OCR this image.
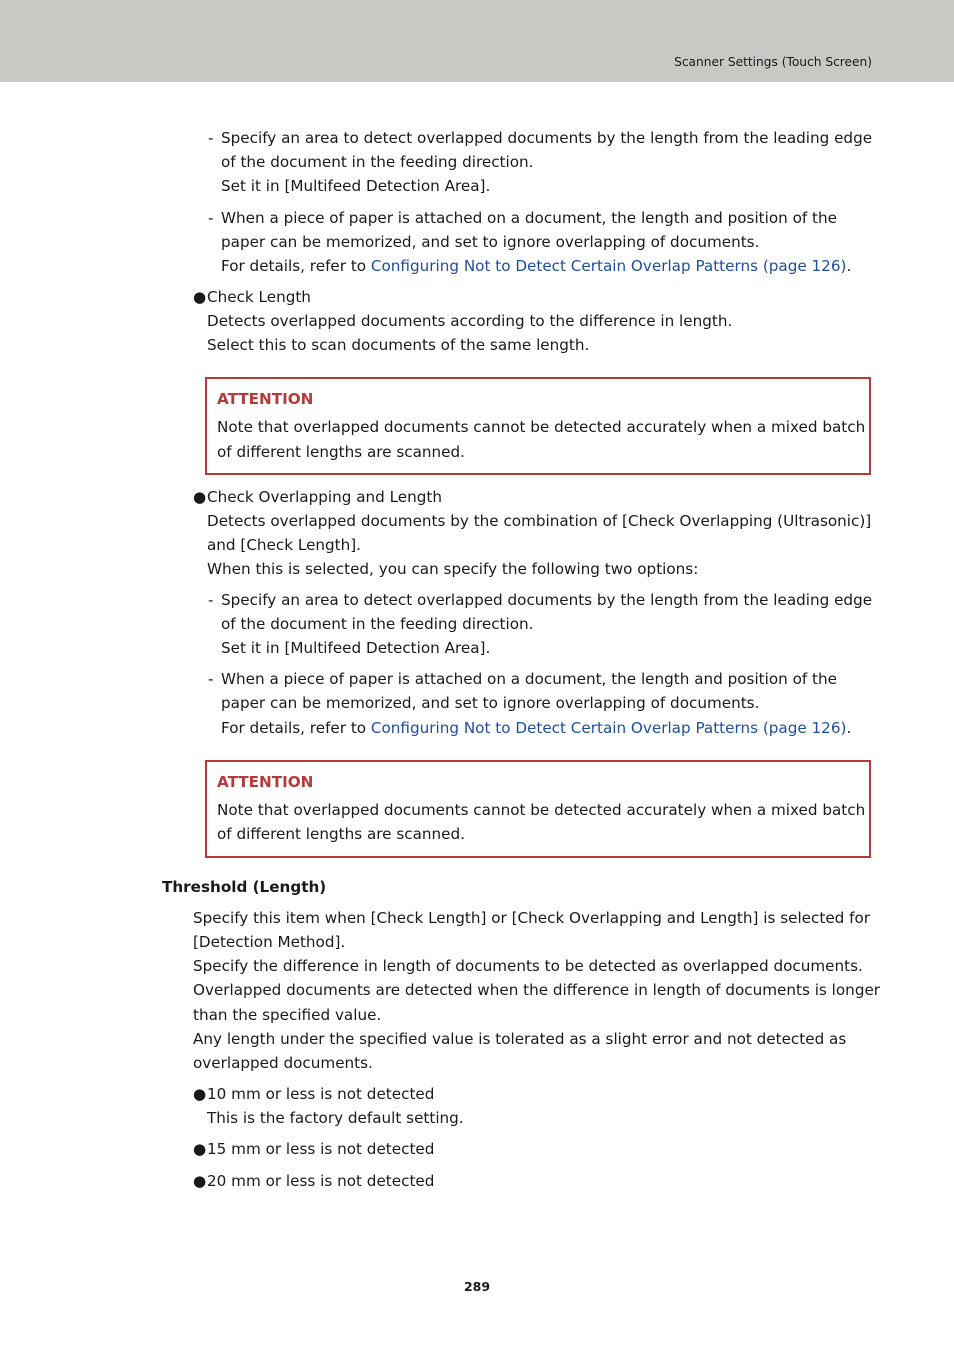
Scanner Settings (Touch Screen)
- Specify an area to detect overlapped documents by the length from the leading edge
of the document in the feeding direction.
Set it in [Multifeed Detection Area].
- When a piece of paper is attached on a document, the length and position of the
paper can be memorized, and set to ignore overlapping of documents.
For details, refer to Configuring Not to Detect Certain Overlap Patterns (page 126).
● Check Length
Detects overlapped documents according to the difference in length.
Select this to scan documents of the same length.
ATTENTION
Note that overlapped documents cannot be detected accurately when a mixed batch
of different lengths are scanned.
● Check Overlapping and Length
Detects overlapped documents by the combination of [Check Overlapping (Ultrasonic)]
and [Check Length].
When this is selected, you can specify the following two options:
- Specify an area to detect overlapped documents by the length from the leading edge
of the document in the feeding direction.
Set it in [Multifeed Detection Area].
- When a piece of paper is attached on a document, the length and position of the
paper can be memorized, and set to ignore overlapping of documents.
For details, refer to Configuring Not to Detect Certain Overlap Patterns (page 126).
ATTENTION
Note that overlapped documents cannot be detected accurately when a mixed batch
of different lengths are scanned.
Threshold (Length)
Specify this item when [Check Length] or [Check Overlapping and Length] is selected for
[Detection Method].
Specify the difference in length of documents to be detected as overlapped documents.
Overlapped documents are detected when the difference in length of documents is longer
than the specified value.
Any length under the specified value is tolerated as a slight error and not detected as
overlapped documents.
● 10 mm or less is not detected
This is the factory default setting.
● 15 mm or less is not detected
● 20 mm or less is not detected
289
